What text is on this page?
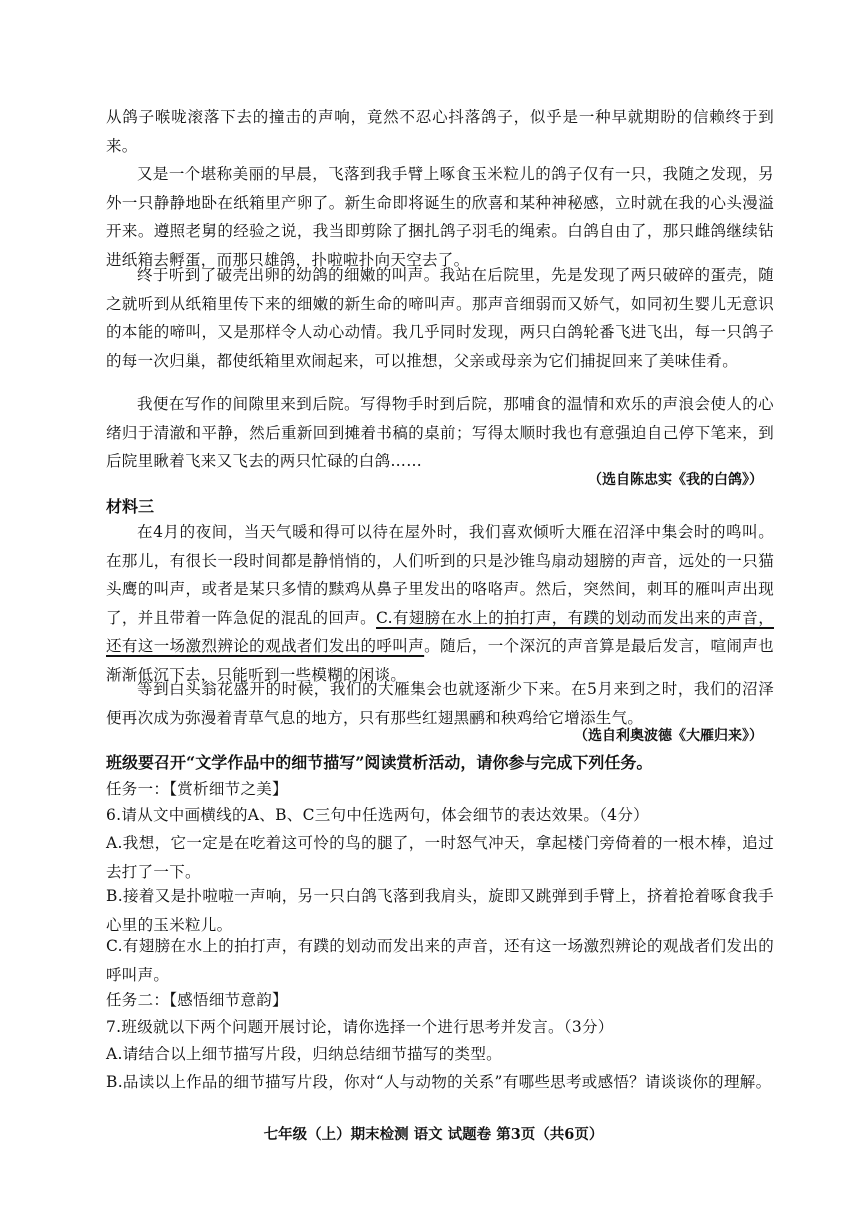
从鸽子喉咙滚落下去的撞击的声响，竟然不忍心抖落鸽子，似乎是一种早就期盼的信赖终于到来。

又是一个堪称美丽的早晨，飞落到我手臂上啄食玉米粒儿的鸽子仅有一只，我随之发现，另外一只静静地卧在纸箱里产卵了。新生命即将诞生的欣喜和某种神秘感，立时就在我的心头漫溢开来。遵照老舅的经验之说，我当即剪除了捆扎鸽子羽毛的绳索。白鸽自由了，那只雌鸽继续钻进纸箱去孵蛋，而那只雄鸽，扑啦啦扑向天空去了。

终于听到了破壳出卵的幼鸽的细嫩的叫声。我站在后院里，先是发现了两只破碎的蛋壳，随之就听到从纸箱里传下来的细嫩的新生命的啼叫声。那声音细弱而又娇气，如同初生婴儿无意识的本能的啼叫，又是那样令人动心动情。我几乎同时发现，两只白鸽轮番飞进飞出，每一只鸽子的每一次归巢，都使纸箱里欢闹起来，可以推想，父亲或母亲为它们捕捉回来了美味佳肴。

我便在写作的间隙里来到后院。写得物手时到后院，那哺食的温情和欢乐的声浪会使人的心绪归于清澈和平静，然后重新回到摊着书稿的桌前；写得太顺时我也有意强迫自己停下笔来，到后院里瞅着飞来又飞去的两只忙碌的白鸽……

（选自陈忠实《我的白鸽》）
材料三

在4月的夜间，当天气暖和得可以待在屋外时，我们喜欢倾听大雁在沼泽中集会时的鸣叫。在那儿，有很长一段时间都是静悄悄的，人们听到的只是沙锥鸟扇动翅膀的声音，远处的一只猫头鹰的叫声，或者是某只多情的黩鸡从鼻子里发出的咯咯声。然后，突然间，刺耳的雁叫声出现了，并且带着一阵急促的混乱的回声。C.有翅膀在水上的拍打声，有蹼的划动而发出来的声音，还有这一场激烈辨论的观战者们发出的呼叫声。随后，一个深沉的声音算是最后发言，喧闹声也渐渐低沉下去，只能听到一些模糊的闲谈。

等到白头翁花盛开的时候，我们的大雁集会也就逐渐少下来。在5月来到之时，我们的沼泽便再次成为弥漫着青草气息的地方，只有那些红翅黑鹂和秧鸡给它增添生气。

（选自利奥波德《大雁归来》）
班级要召开“文学作品中的细节描写”阅读赏析活动，请你参与完成下列任务。
任务一：【赏析细节之美】
6.请从文中画横线的A、B、C三句中任选两句，体会细节的表达效果。（4分）

A.我想，它一定是在吃着这可怜的鸟的腿了，一时怒气冲天，拿起楼门旁倚着的一根木棒，追过去打了一下。

B.接着又是扑啦啦一声响，另一只白鸽飞落到我肩头，旋即又跳弹到手臂上，挤着抢着啄食我手心里的玉米粒儿。

C.有翅膀在水上的拍打声，有蹼的划动而发出来的声音，还有这一场激烈辨论的观战者们发出的呼叫声。

任务二：【感悟细节意韵】
7.班级就以下两个问题开展讨论，请你选择一个进行思考并发言。（3分）
A.请结合以上细节描写片段，归纳总结细节描写的类型。

B.品读以上作品的细节描写片段，你对“人与动物的关系”有哪些思考或感悟？请谈谈你的理解。

七年级（上）期末检测 语文 试题卷 第3页（共6页）
